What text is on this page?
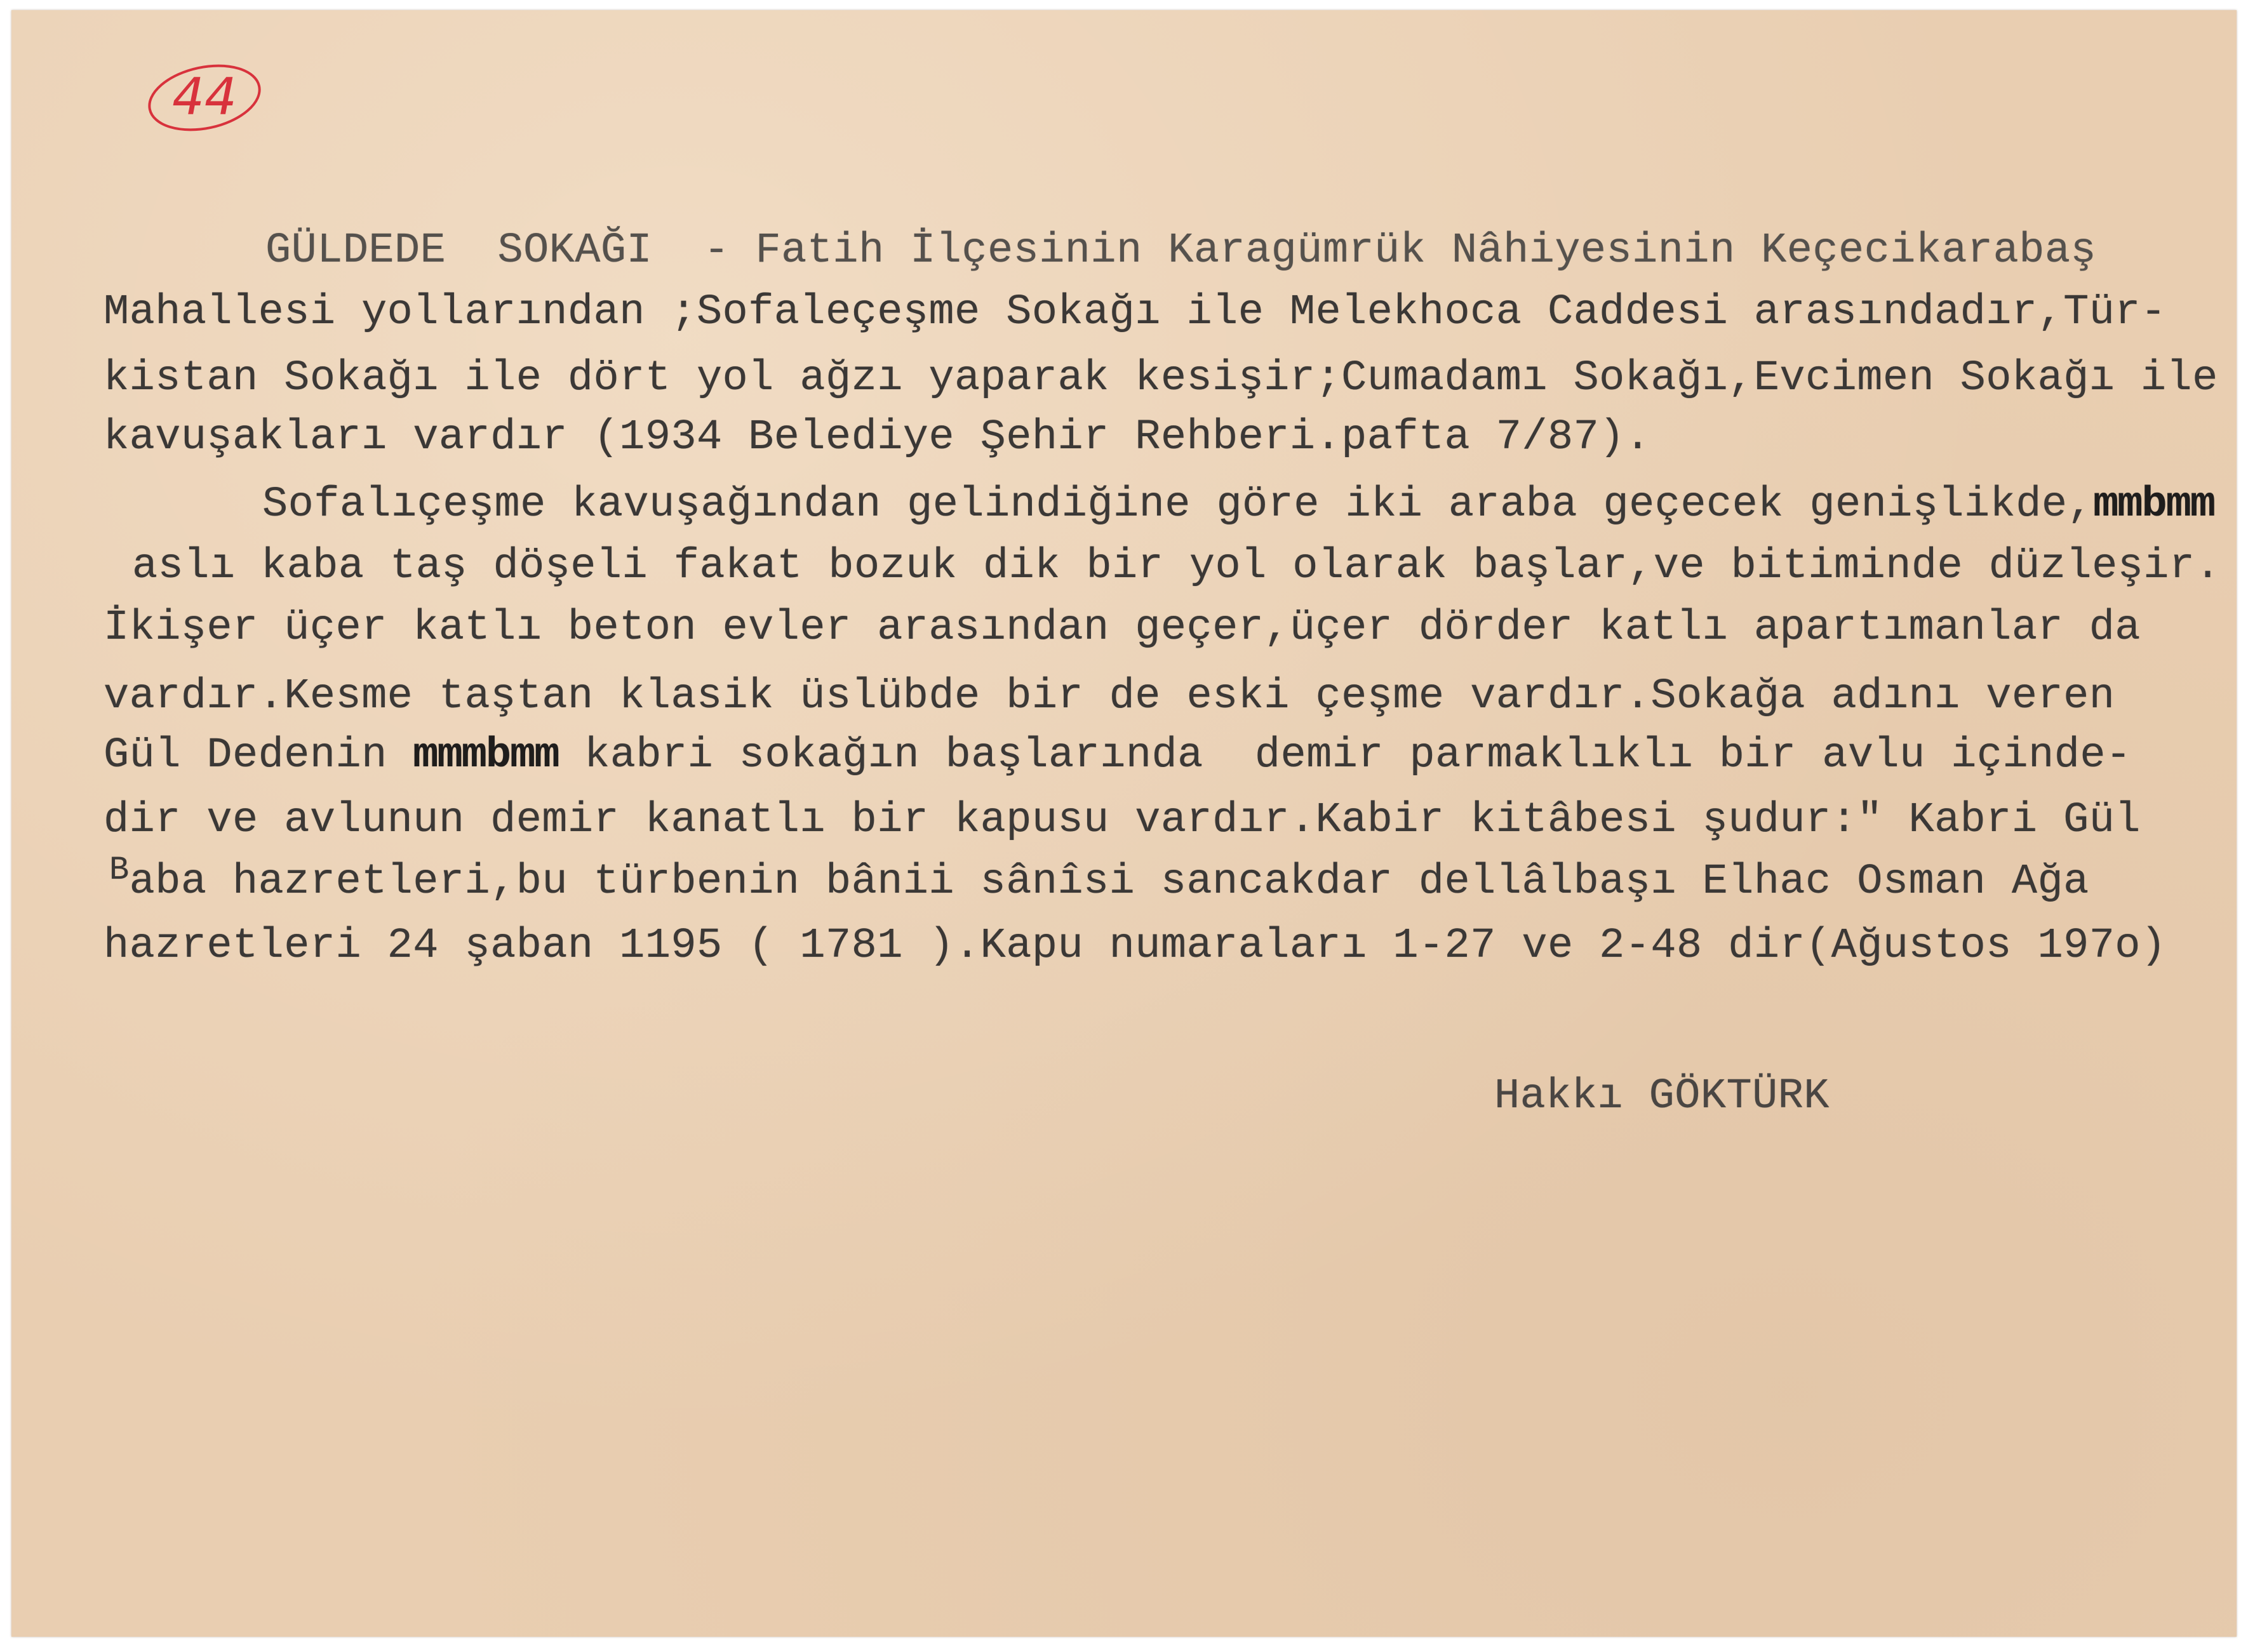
44
GÜLDEDE  SOKAĞI  - Fatih İlçesinin Karagümrük Nâhiyesinin Keçecikarabaş
Mahallesi yollarından ;Sofaleçeşme Sokağı ile Melekhoca Caddesi arasındadır,Tür-
kistan Sokağı ile dört yol ağzı yaparak kesişir;Cumadamı Sokağı,Evcimen Sokağı ile
kavuşakları vardır (1934 Belediye Şehir Rehberi.pafta 7/87).
Sofalıçeşme kavuşağından gelindiğine göre iki araba geçecek genişlikde,mmbmm
aslı kaba taş döşeli fakat bozuk dik bir yol olarak başlar,ve bitiminde düzleşir.
İkişer üçer katlı beton evler arasından geçer,üçer dörder katlı apartımanlar da
vardır.Kesme taştan klasik üslübde bir de eski çeşme vardır.Sokağa adını veren
Gül Dedenin mmmbmm kabri sokağın başlarında  demir parmaklıklı bir avlu içinde-
dir ve avlunun demir kanatlı bir kapusu vardır.Kabir kitâbesi şudur:" Kabri Gül
$^B$aba hazretleri,bu türbenin bânii sânîsi sancakdar dellâlbaşı Elhac Osman Ağa
hazretleri 24 şaban 1195 ( 1781 ).Kapu numaraları 1-27 ve 2-48 dir(Ağustos 197o)
Hakkı GÖKTÜRK
